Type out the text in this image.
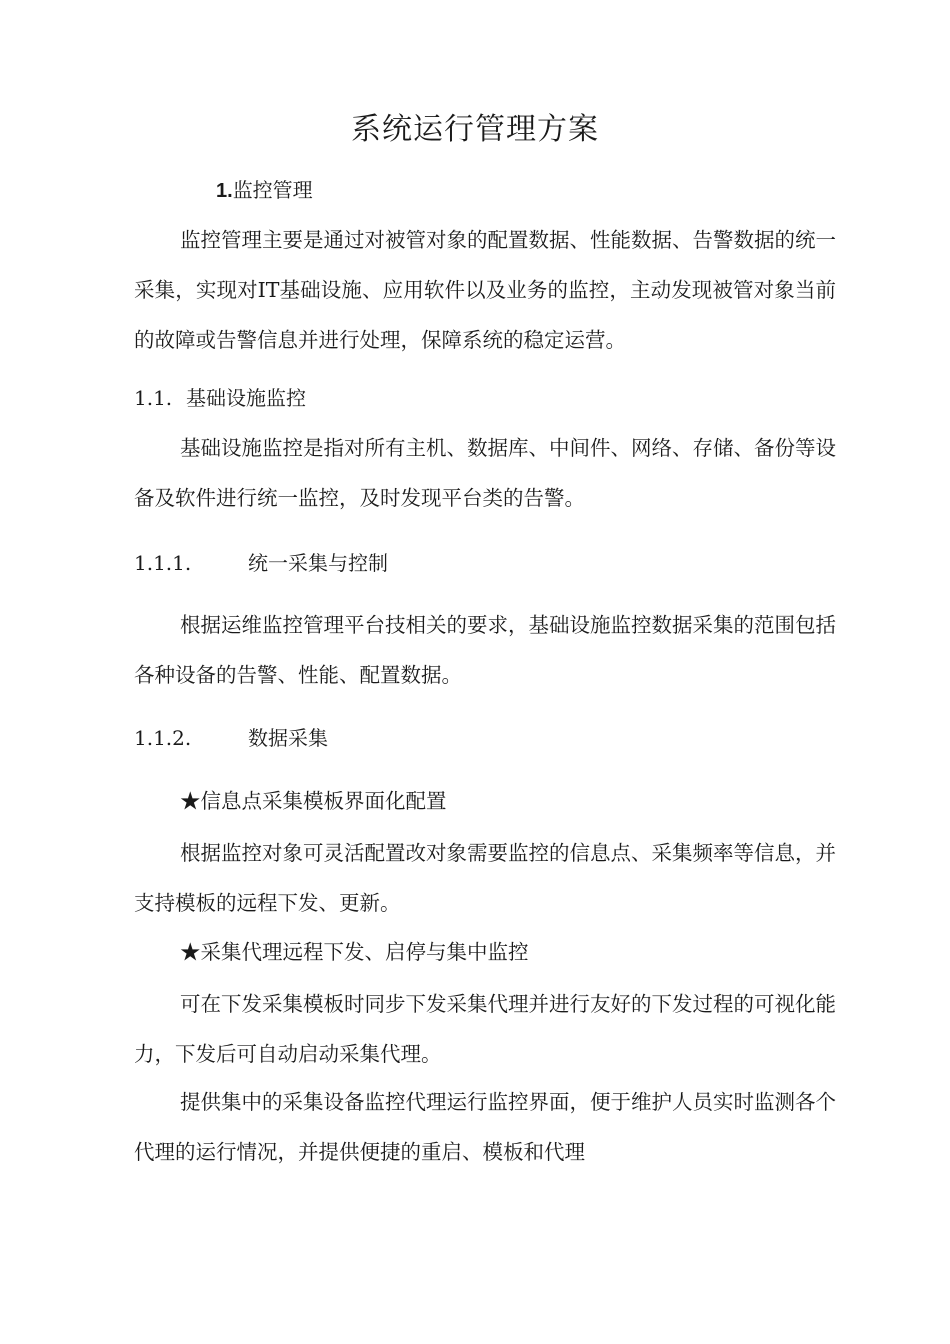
系统运行管理方案
1.监控管理
监控管理主要是通过对被管对象的配置数据、性能数据、告警数据的统一采集，实现对IT基础设施、应用软件以及业务的监控，主动发现被管对象当前的故障或告警信息并进行处理，保障系统的稳定运营。
1.1. 基础设施监控
基础设施监控是指对所有主机、数据库、中间件、网络、存储、备份等设备及软件进行统一监控，及时发现平台类的告警。
1.1.1.	统一采集与控制
根据运维监控管理平台技相关的要求，基础设施监控数据采集的范围包括各种设备的告警、性能、配置数据。
1.1.2.	数据采集
★信息点采集模板界面化配置
根据监控对象可灵活配置改对象需要监控的信息点、采集频率等信息，并支持模板的远程下发、更新。
★采集代理远程下发、启停与集中监控
可在下发采集模板时同步下发采集代理并进行友好的下发过程的可视化能力，下发后可自动启动采集代理。
提供集中的采集设备监控代理运行监控界面，便于维护人员实时监测各个代理的运行情况，并提供便捷的重启、模板和代理
